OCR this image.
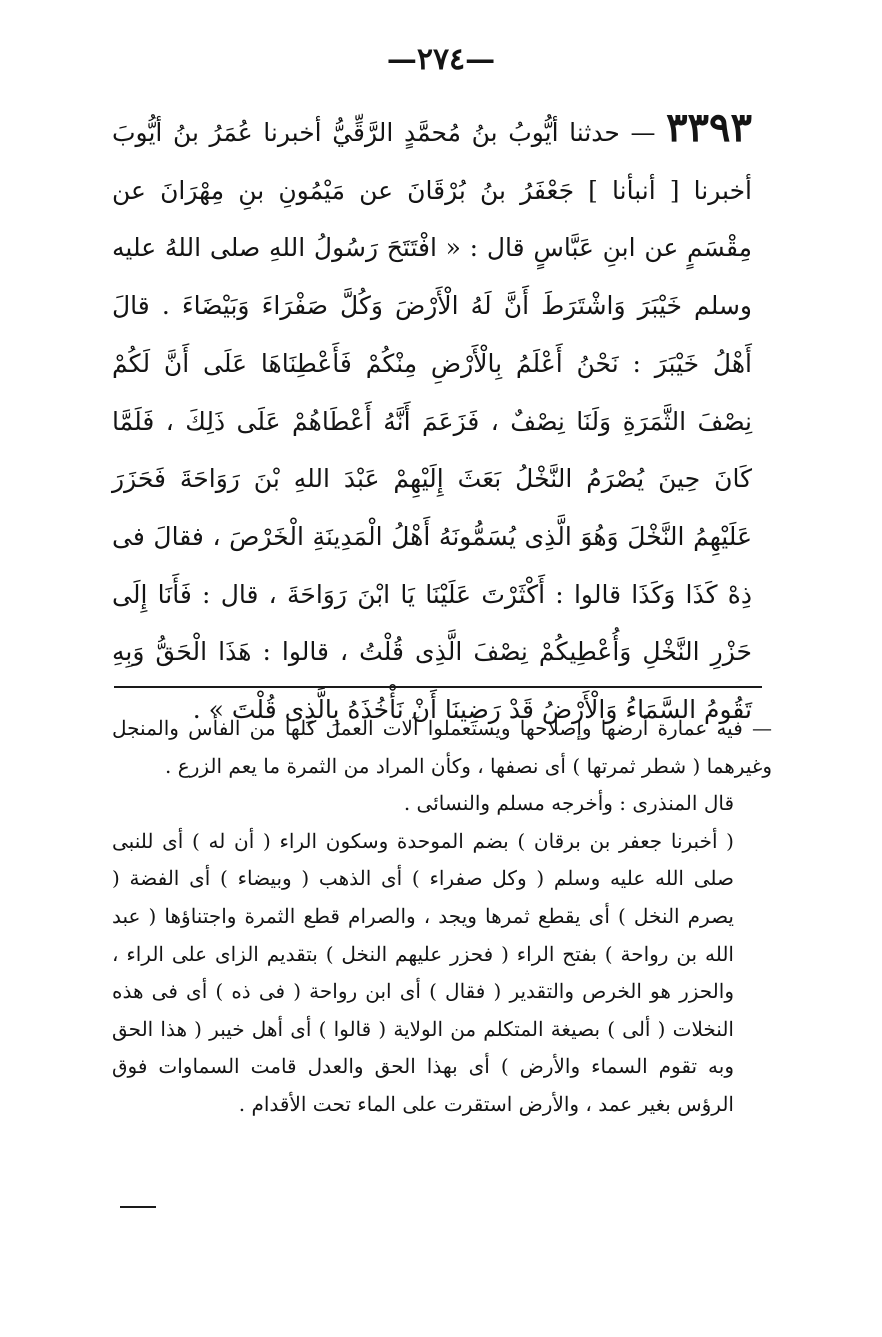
—٢٧٤—

٣٣٩٣ — حدثنا أيُّوبُ بنُ مُحمَّدٍ الرَّقِّيُّ أخبرنا عُمَرُ بنُ أيُّوبَ أخبرنا [ أنبأنا ] جَعْفَرُ بنُ بُرْقَانَ عن مَيْمُونِ بنِ مِهْرَانَ عن مِقْسَمٍ عن ابنِ عَبَّاسٍ قال : « افْتَتَحَ رَسُولُ اللهِ صلى اللهُ عليه وسلم خَيْبَرَ وَاشْتَرَطَ أَنَّ لَهُ الْأَرْضَ وَكُلَّ صَفْرَاءَ وَبَيْضَاءَ . قالَ أَهْلُ خَيْبَرَ : نَحْنُ أَعْلَمُ بِالْأَرْضِ مِنْكُمْ فَأَعْطِنَاهَا عَلَى أَنَّ لَكُمْ نِصْفَ الثَّمَرَةِ وَلَنَا نِصْفٌ ، فَزَعَمَ أَنَّهُ أَعْطَاهُمْ عَلَى ذَلِكَ ، فَلَمَّا كَانَ حِينَ يُصْرَمُ النَّخْلُ بَعَثَ إِلَيْهِمْ عَبْدَ اللهِ بْنَ رَوَاحَةَ فَحَزَرَ عَلَيْهِمُ النَّخْلَ وَهُوَ الَّذِى يُسَمُّونَهُ أَهْلُ الْمَدِينَةِ الْخَرْصَ ، فقالَ فى ذِهْ كَذَا وَكَذَا قالوا : أَكْثَرْتَ عَلَيْنَا يَا ابْنَ رَوَاحَةَ ، قال : فَأَنَا إِلَى حَزْرِ النَّخْلِ وَأُعْطِيكُمْ نِصْفَ الَّذِى قُلْتُ ، قالوا : هَذَا الْحَقُّ وَبِهِ تَقُومُ السَّمَاءُ وَالْأَرْضُ قَدْ رَضِينَا أَنْ نَأْخُذَهُ بِالَّذِى قُلْتَ » .

— فيه عمارة أرضها وإصلاحها ويستعملوا آلات العمل كلها من الفأس والمنجل وغيرهما ( شطر ثمرتها ) أى نصفها ، وكأن المراد من الثمرة ما يعم الزرع .

قال المنذرى : وأخرجه مسلم والنسائى .

( أخبرنا جعفر بن برقان ) بضم الموحدة وسكون الراء ( أن له ) أى للنبى صلى الله عليه وسلم ( وكل صفراء ) أى الذهب ( وبيضاء ) أى الفضة ( يصرم النخل ) أى يقطع ثمرها ويجد ، والصرام قطع الثمرة واجتناؤها ( عبد الله بن رواحة ) بفتح الراء ( فحزر عليهم النخل ) بتقديم الزاى على الراء ، والحزر هو الخرص والتقدير ( فقال ) أى ابن رواحة ( فى ذه ) أى فى هذه النخلات ( ألى ) بصيغة المتكلم من الولاية ( قالوا ) أى أهل خيبر ( هذا الحق وبه تقوم السماء والأرض ) أى بهذا الحق والعدل قامت السماوات فوق الرؤس بغير عمد ، والأرض استقرت على الماء تحت الأقدام .
